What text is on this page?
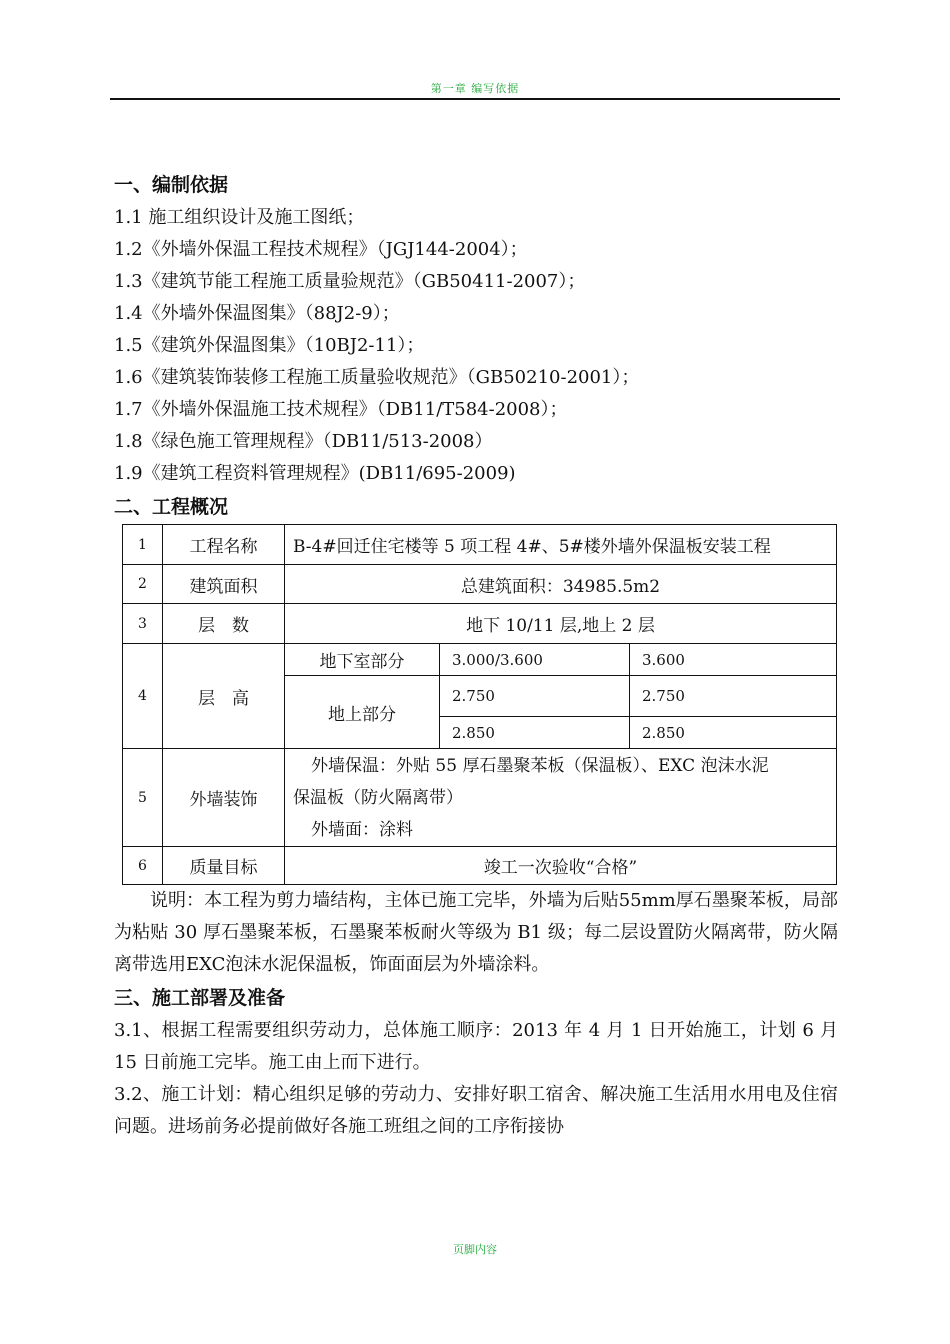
第一章 编写依据
一、编制依据
1.1 施工组织设计及施工图纸；
1.2《外墙外保温工程技术规程》（JGJ144-2004）；
1.3《建筑节能工程施工质量验规范》（GB50411-2007）；
1.4《外墙外保温图集》（88J2-9）；
1.5《建筑外保温图集》（10BJ2-11）；
1.6《建筑装饰装修工程施工质量验收规范》（GB50210-2001）；
1.7《外墙外保温施工技术规程》（DB11/T584-2008）；
1.8《绿色施工管理规程》（DB11/513-2008）
1.9《建筑工程资料管理规程》(DB11/695-2009)
二、工程概况
1	工程名称	B-4#回迁住宅楼等 5 项工程 4#、5#楼外墙外保温板安装工程		
2	建筑面积	总建筑面积：34985.5m2		
3	层　数	地下 10/11 层,地上 2 层		
4	层　高	地下室部分	3.000/3.600	3.600
		地上部分	2.750	2.750
			2.850	2.850
5	外墙装饰	外墙保温：外贴 55 厚石墨聚苯板（保温板）、EXC 泡沫水泥
保温板（防火隔离带）
外墙面：涂料		

6	质量目标	竣工一次验收“合格”		

说明：本工程为剪力墙结构，主体已施工完毕，外墙为后贴55mm厚石墨聚苯板，局部为粘贴 30 厚石墨聚苯板，石墨聚苯板耐火等级为 B1 级；每二层设置防火隔离带，防火隔离带选用EXC泡沫水泥保温板，饰面面层为外墙涂料。

三、施工部署及准备

3.1、根据工程需要组织劳动力，总体施工顺序：2013 年 4 月 1 日开始施工，计划 6 月 15 日前施工完毕。施工由上而下进行。

3.2、施工计划：精心组织足够的劳动力、安排好职工宿舍、解决施工生活用水用电及住宿问题。进场前务必提前做好各施工班组之间的工序衔接协

页脚内容
